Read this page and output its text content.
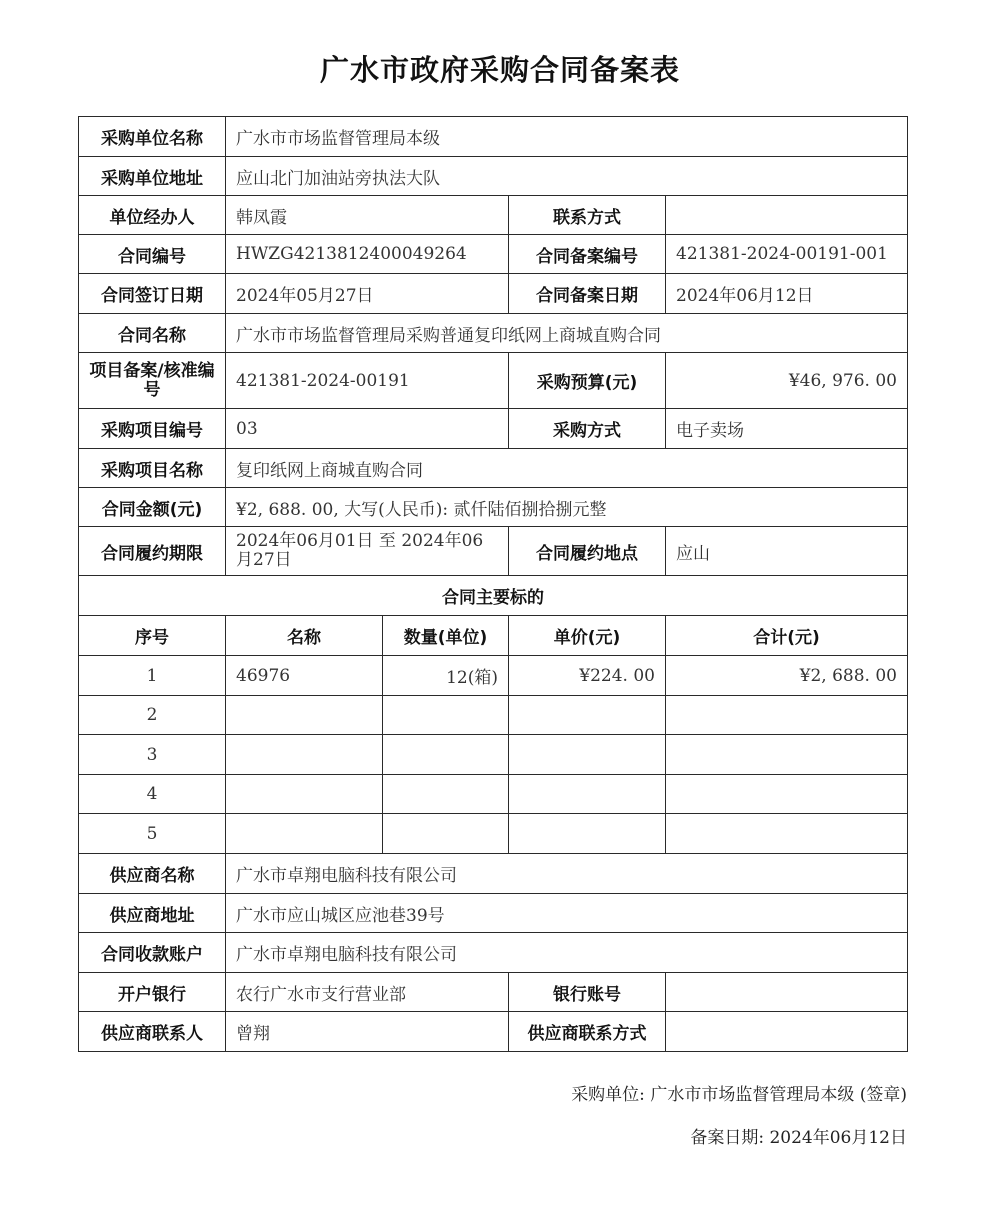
广水市政府采购合同备案表
采购单位名称	广水市市场监督管理局本级			
采购单位地址	应山北门加油站旁执法大队			
单位经办人	韩凤霞		联系方式	
合同编号	HWZG4213812400049264		合同备案编号	421381-2024-00191-001
合同签订日期	2024年05月27日		合同备案日期	2024年06月12日
合同名称	广水市市场监督管理局采购普通复印纸网上商城直购合同			
项目备案/核准编号	421381-2024-00191		采购预算(元)	¥46, 976. 00
采购项目编号	03		采购方式	电子卖场
采购项目名称	复印纸网上商城直购合同			
合同金额(元)	¥2, 688. 00, 大写(人民币): 贰仟陆佰捌拾捌元整			
合同履约期限	2024年06月01日 至 2024年06月27日		合同履约地点	应山
合同主要标的				
序号	名称	数量(单位)	单价(元)	合计(元)
1	46976	12(箱)	¥224. 00	¥2, 688. 00
2				
3				
4				
5				
供应商名称	广水市卓翔电脑科技有限公司			
供应商地址	广水市应山城区应池巷39号			
合同收款账户	广水市卓翔电脑科技有限公司			
开户银行	农行广水市支行营业部		银行账号	
供应商联系人	曾翔		供应商联系方式	
采购单位: 广水市市场监督管理局本级 (签章)
备案日期: 2024年06月12日
